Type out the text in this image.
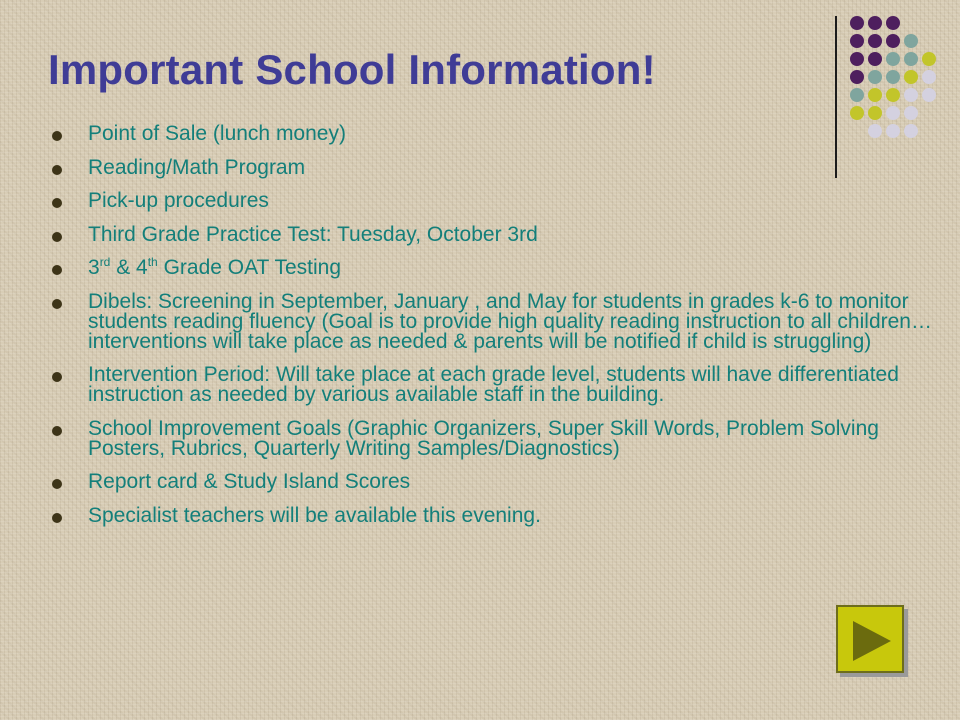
Important School Information!
Point of Sale (lunch money)
Reading/Math Program
Pick-up procedures
Third Grade Practice Test: Tuesday, October 3rd
3rd & 4th Grade OAT Testing
Dibels: Screening in September, January , and May for students in grades k-6 to monitor students reading fluency (Goal is to provide high quality reading instruction to all children…interventions will take place as needed & parents will be notified if child is struggling)
Intervention Period: Will take place at each grade level, students will have differentiated instruction as needed by various available staff in the building.
School Improvement Goals (Graphic Organizers, Super Skill Words, Problem Solving Posters, Rubrics, Quarterly Writing Samples/Diagnostics)
Report card & Study Island Scores
Specialist teachers will be available this evening.
